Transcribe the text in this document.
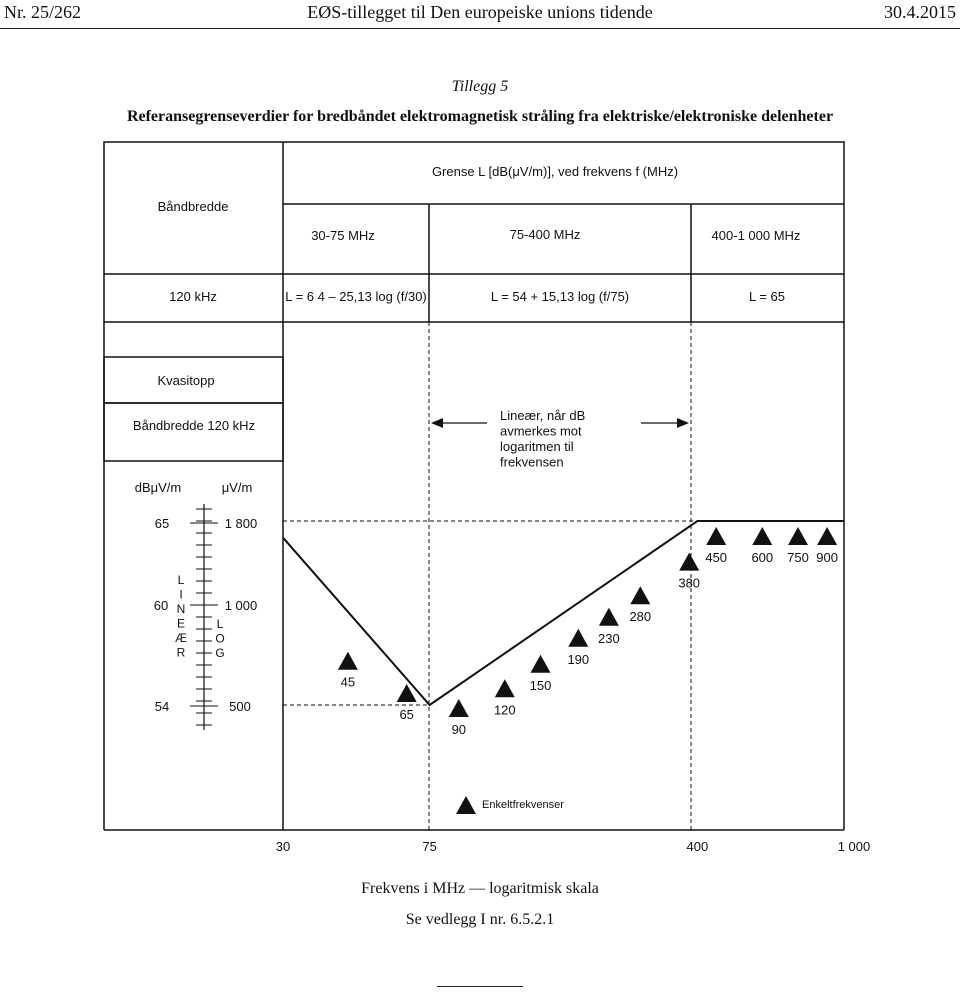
Nr. 25/262	EØS-tillegget til Den europeiske unions tidende	30.4.2015
Tillegg 5
Referansegrenseverdier for bredbåndet elektromagnetisk stråling fra elektriske/elektroniske delenheter
Båndbredde
Grense L [dB(μV/m)], ved frekvens f (MHz)
30-75 MHz	75-400 MHz	400-1 000 MHz
120 kHz	L = 6 4 – 25,13 log (f/30)	L = 54 + 15,13 log (f/75)	L = 65
Kvasitopp
Båndbredde 120 kHz
dBμV/m	μV/m
65	1 800
60	1 000
54	500
L
I
N
E
Æ
R
L
O
G
Lineær, når dB
avmerkes mot
logaritmen til
frekvensen
45
65
90
120
150
190
230
280
380
450 600 750 900
30	75	400	1 000
Enkeltfrekvenser
Frekvens i MHz — logaritmisk skala
Se vedlegg I nr. 6.5.2.1
